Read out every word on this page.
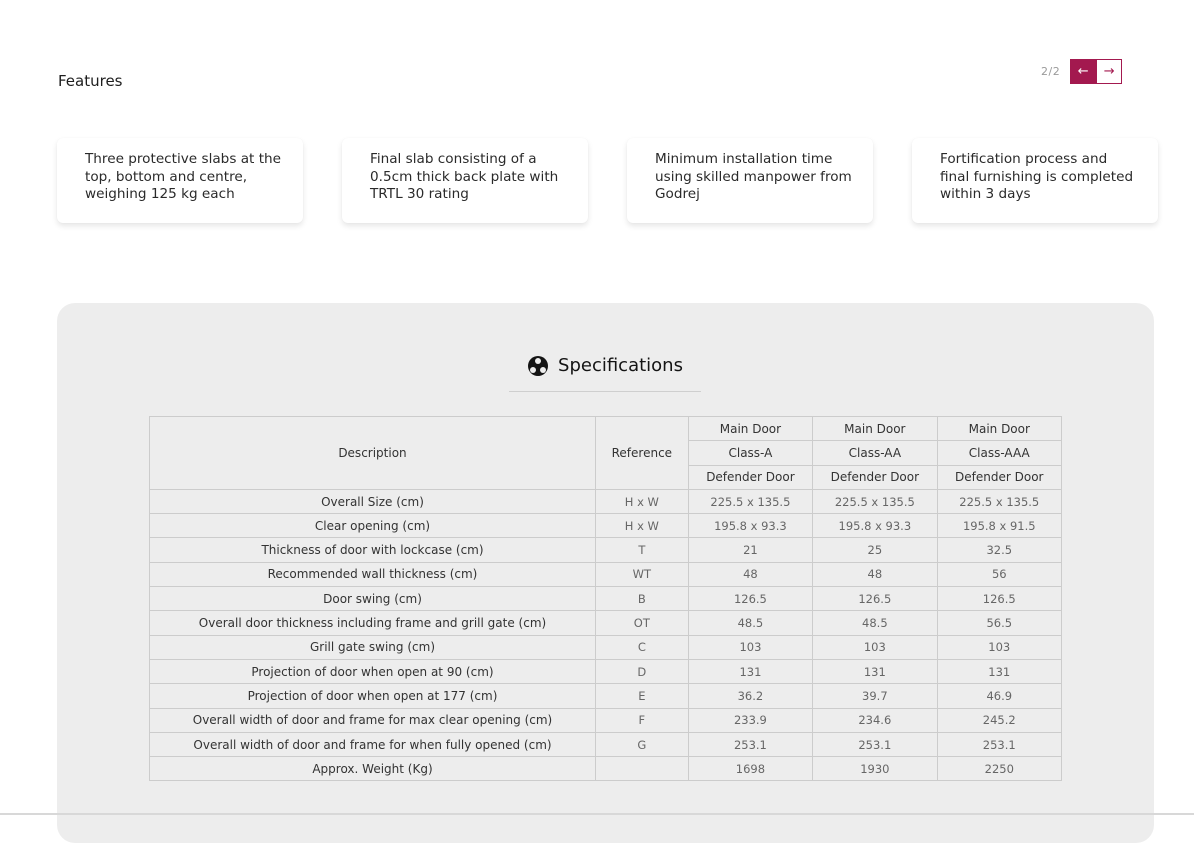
Features
2/2 ← →
Three protective slabs at the top, bottom and centre, weighing 125 kg each
Final slab consisting of a 0.5cm thick back plate with TRTL 30 rating
Minimum installation time using skilled manpower from Godrej
Fortification process and final furnishing is completed within 3 days
Specifications
Description	Reference	Main Door	Main Door	Main Door
		Class-A	Class-AA	Class-AAA
		Defender Door	Defender Door	Defender Door
Overall Size (cm)	H x W	225.5 x 135.5	225.5 x 135.5	225.5 x 135.5
Clear opening (cm)	H x W	195.8 x 93.3	195.8 x 93.3	195.8 x 91.5
Thickness of door with lockcase (cm)	T	21	25	32.5
Recommended wall thickness (cm)	WT	48	48	56
Door swing (cm)	B	126.5	126.5	126.5
Overall door thickness including frame and grill gate (cm)	OT	48.5	48.5	56.5
Grill gate swing (cm)	C	103	103	103
Projection of door when open at 90 (cm)	D	131	131	131
Projection of door when open at 177 (cm)	E	36.2	39.7	46.9
Overall width of door and frame for max clear opening (cm)	F	233.9	234.6	245.2
Overall width of door and frame for when fully opened (cm)	G	253.1	253.1	253.1
Approx. Weight (Kg)		1698	1930	2250
